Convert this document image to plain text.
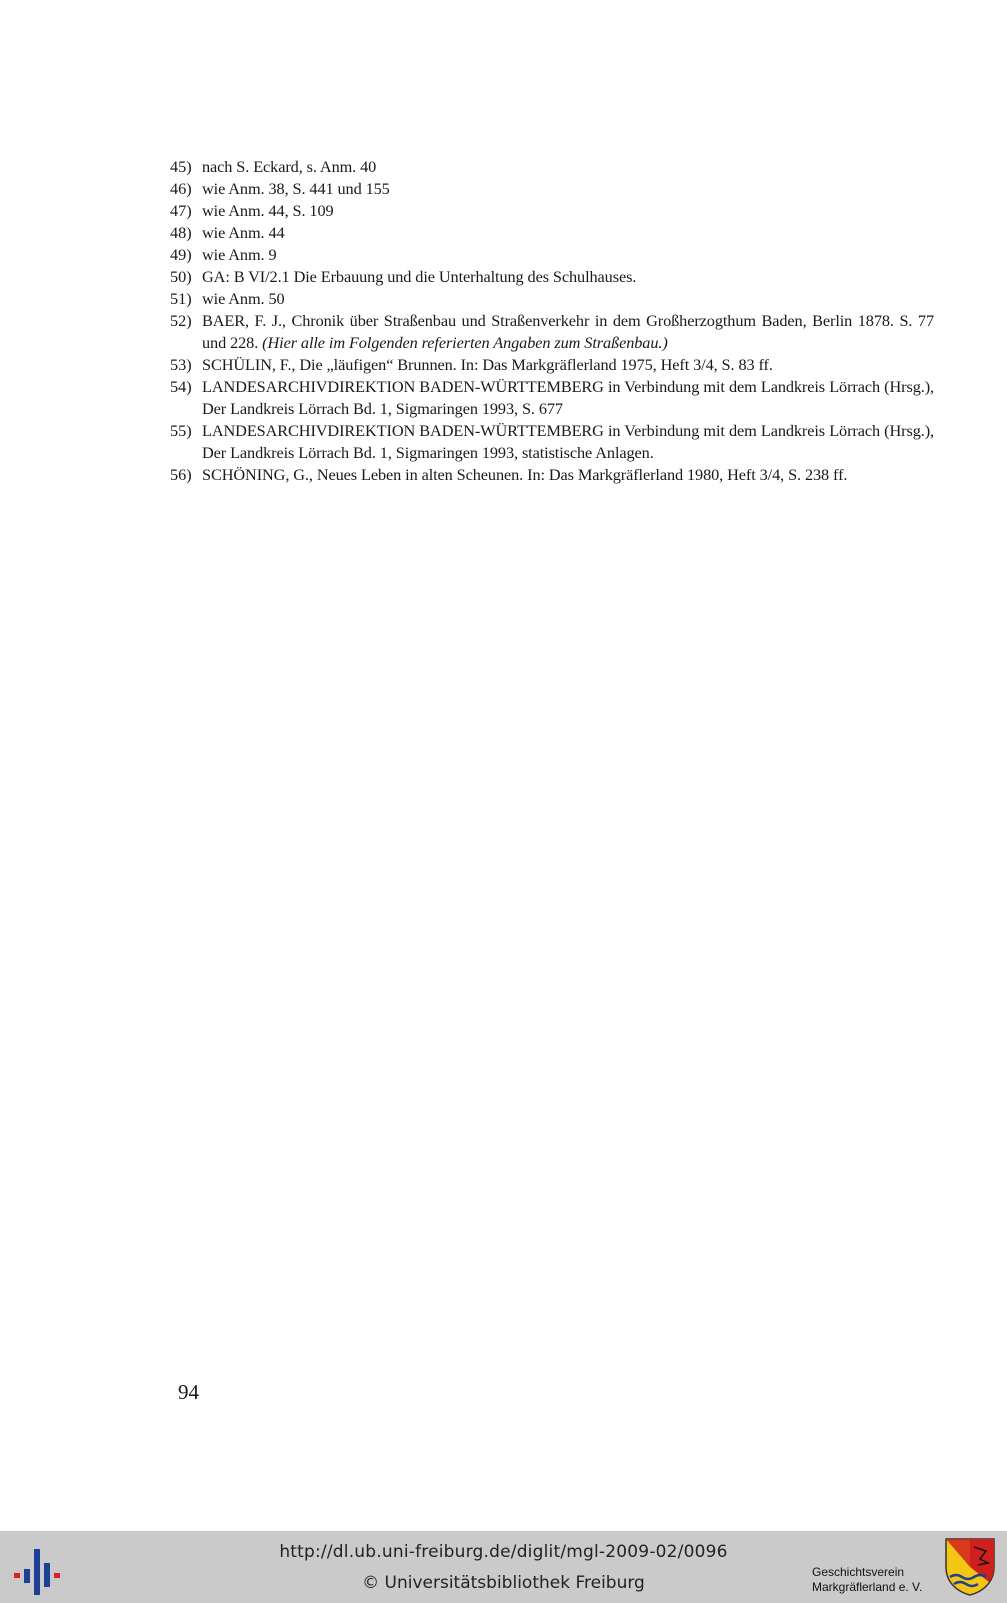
45) nach S. Eckard, s. Anm. 40
46) wie Anm. 38, S. 441 und 155
47) wie Anm. 44, S. 109
48) wie Anm. 44
49) wie Anm. 9
50) GA: B VI/2.1 Die Erbauung und die Unterhaltung des Schulhauses.
51) wie Anm. 50
52) BAER, F. J., Chronik über Straßenbau und Straßenverkehr in dem Großherzogthum Baden, Berlin 1878. S. 77 und 228. (Hier alle im Folgenden referierten Angaben zum Straßenbau.)
53) SCHÜLIN, F., Die „läufigen“ Brunnen. In: Das Markgräflerland 1975, Heft 3/4, S. 83 ff.
54) LANDESARCHIVDIREKTION BADEN-WÜRTTEMBERG in Verbindung mit dem Landkreis Lörrach (Hrsg.), Der Landkreis Lörrach Bd. 1, Sigmaringen 1993, S. 677
55) LANDESARCHIVDIREKTION BADEN-WÜRTTEMBERG in Verbindung mit dem Landkreis Lörrach (Hrsg.), Der Landkreis Lörrach Bd. 1, Sigmaringen 1993, statistische Anlagen.
56) SCHÖNING, G., Neues Leben in alten Scheunen. In: Das Markgräflerland 1980, Heft 3/4, S. 238 ff.
94
http://dl.ub.uni-freiburg.de/diglit/mgl-2009-02/0096
© Universitätsbibliothek Freiburg
Geschichtsverein
Markgräflerland e. V.
